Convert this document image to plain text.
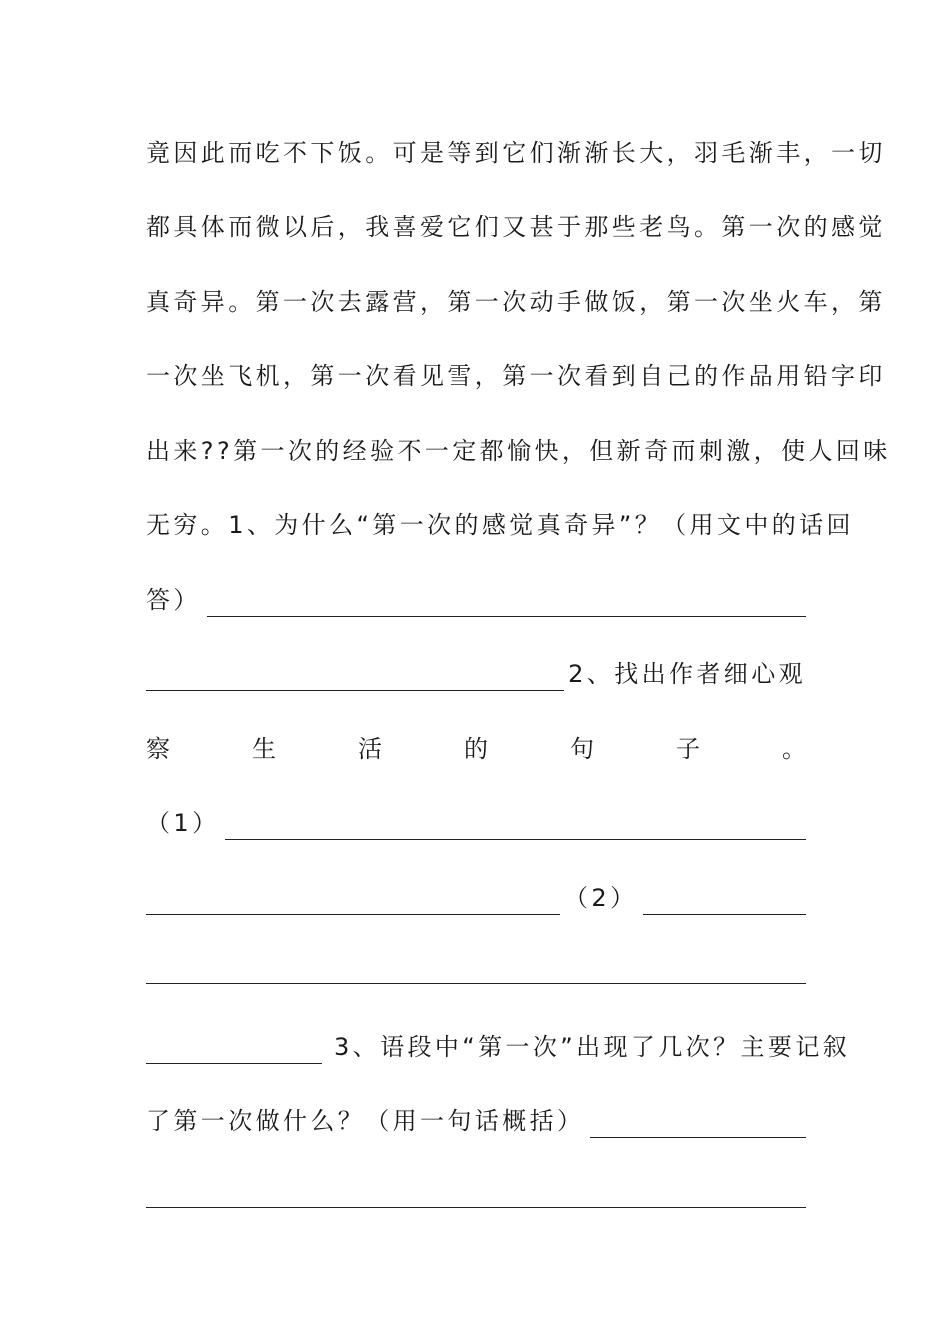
竟因此而吃不下饭。可是等到它们渐渐长大，羽毛渐丰，一切
都具体而微以后，我喜爱它们又甚于那些老鸟。第一次的感觉
真奇异。第一次去露营，第一次动手做饭，第一次坐火车，第
一次坐飞机，第一次看见雪，第一次看到自己的作品用铅字印
出来??第一次的经验不一定都愉快，但新奇而刺激，使人回味
无穷。1、为什么“第一次的感觉真奇异”？（用文中的话回
答）
2、找出作者细心观
察	生	活	的	句	子	。
（1）
（2）
3、语段中“第一次”出现了几次？主要记叙
了第一次做什么？（用一句话概括）
